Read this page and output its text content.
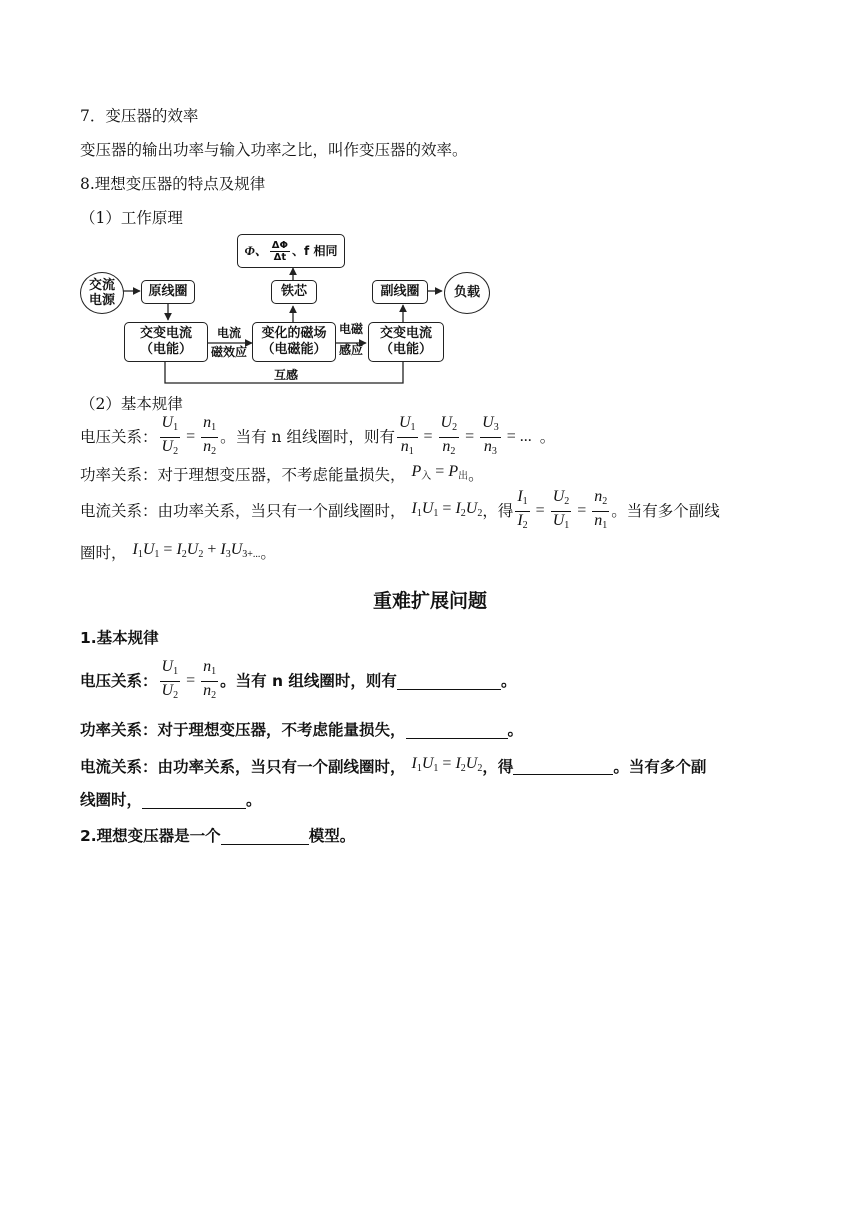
7．变压器的效率
变压器的输出功率与输入功率之比，叫作变压器的效率。
8.理想变压器的特点及规律
（1）工作原理
Φ、 $\frac{\Delta\Phi}{\Delta t}$ 、f 相同
交流
电源
原线圈	铁芯	副线圈	负载
交变电流
（电能）
变化的磁场
（电磁能）
交变电流
（电能）
电流
磁效应
电磁
感应
互感
（2）基本规律
电压关系： $\frac{U_1}{U_2} = \frac{n_1}{n_2}$ 。当有 n 组线圈时，则有 $\frac{U_1}{n_1} = \frac{U_2}{n_2} = \frac{U_3}{n_3}$ = ... 。
功率关系：对于理想变压器，不考虑能量损失， $P_入 = P_出$ 。
电流关系：由功率关系，当只有一个副线圈时， $I_1U_1 = I_2U_2$ ，得 $\frac{I_1}{I_2} = \frac{U_2}{U_1} = \frac{n_2}{n_1}$ 。当有多个副线
圈时， $I_1U_1 = I_2U_2 + I_3U_{3+...}$ 。
重难扩展问题
1.基本规律
电压关系： $\frac{U_1}{U_2} = \frac{n_1}{n_2}$ 。当有 n 组线圈时，则有	。
功率关系：对于理想变压器，不考虑能量损失，	。
电流关系：由功率关系，当只有一个副线圈时， $I_1U_1 = I_2U_2$ ，得	。当有多个副
线圈时，	。
2.理想变压器是一个	模型。
